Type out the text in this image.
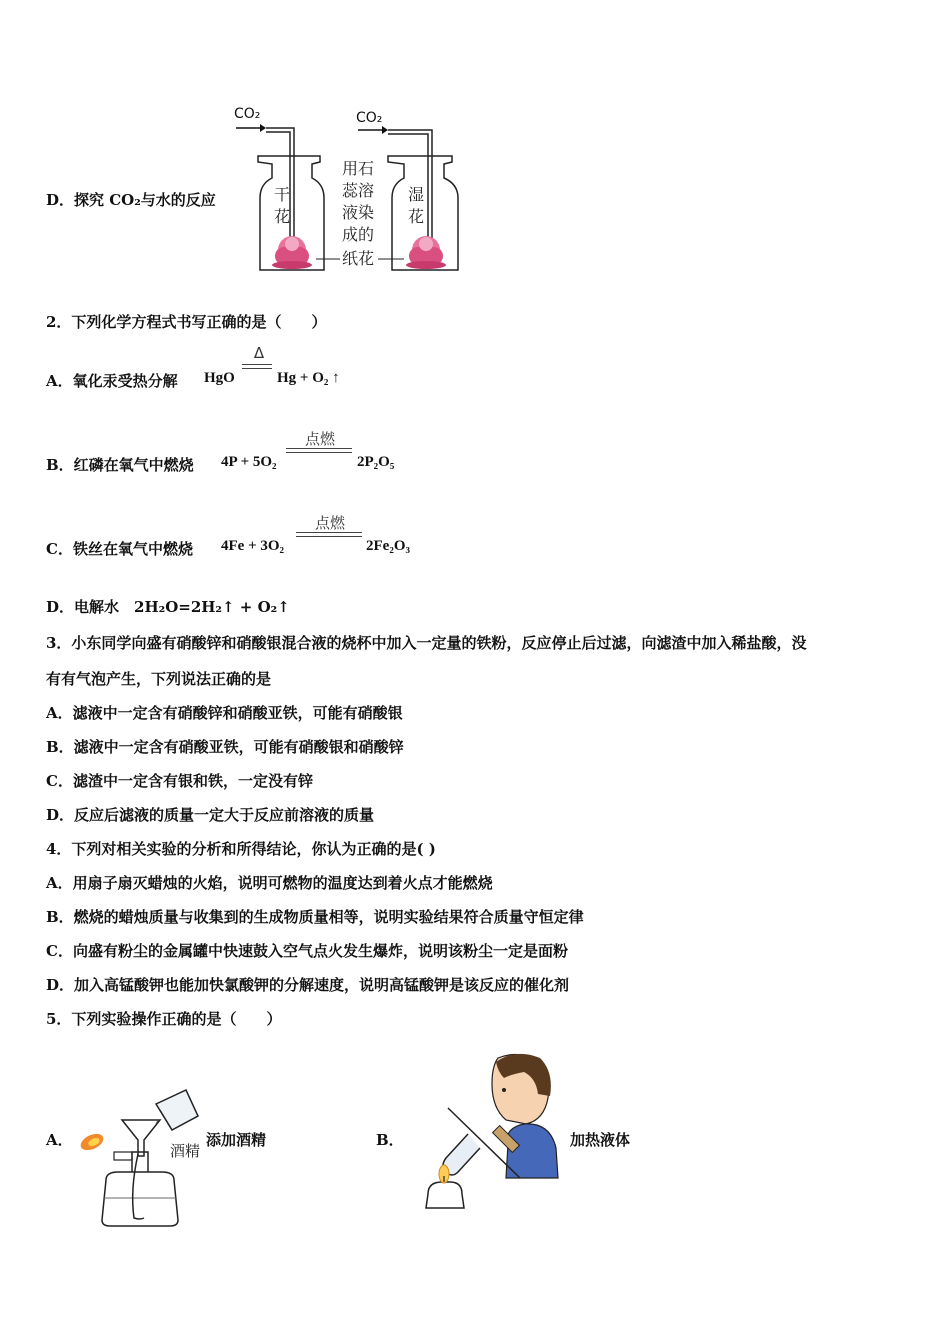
D．探究 CO₂与水的反应
CO₂	CO₂
干
花
湿
花
用石
蕊溶
液染
成的
纸花
2．下列化学方程式书写正确的是（　　）
A．氧化汞受热分解 HgO
Δ
Hg + O₂ ↑
B．红磷在氧气中燃烧 4P + 5O₂
点燃
2P₂O₅
C．铁丝在氧气中燃烧 4Fe + 3O₂
点燃
2Fe₂O₃
D．电解水　2H₂O=2H₂↑ + O₂↑
3．小东同学向盛有硝酸锌和硝酸银混合液的烧杯中加入一定量的铁粉，反应停止后过滤，向滤渣中加入稀盐酸，没
有有气泡产生，下列说法正确的是
A．滤液中一定含有硝酸锌和硝酸亚铁，可能有硝酸银
B．滤液中一定含有硝酸亚铁，可能有硝酸银和硝酸锌
C．滤渣中一定含有银和铁，一定没有锌
D．反应后滤液的质量一定大于反应前溶液的质量
4．下列对相关实验的分析和所得结论，你认为正确的是( )
A．用扇子扇灭蜡烛的火焰，说明可燃物的温度达到着火点才能燃烧
B．燃烧的蜡烛质量与收集到的生成物质量相等，说明实验结果符合质量守恒定律
C．向盛有粉尘的金属罐中快速鼓入空气点火发生爆炸，说明该粉尘一定是面粉
D．加入高锰酸钾也能加快氯酸钾的分解速度，说明高锰酸钾是该反应的催化剂
5．下列实验操作正确的是（　　）
A．
酒精
添加酒精	B．	加热液体
